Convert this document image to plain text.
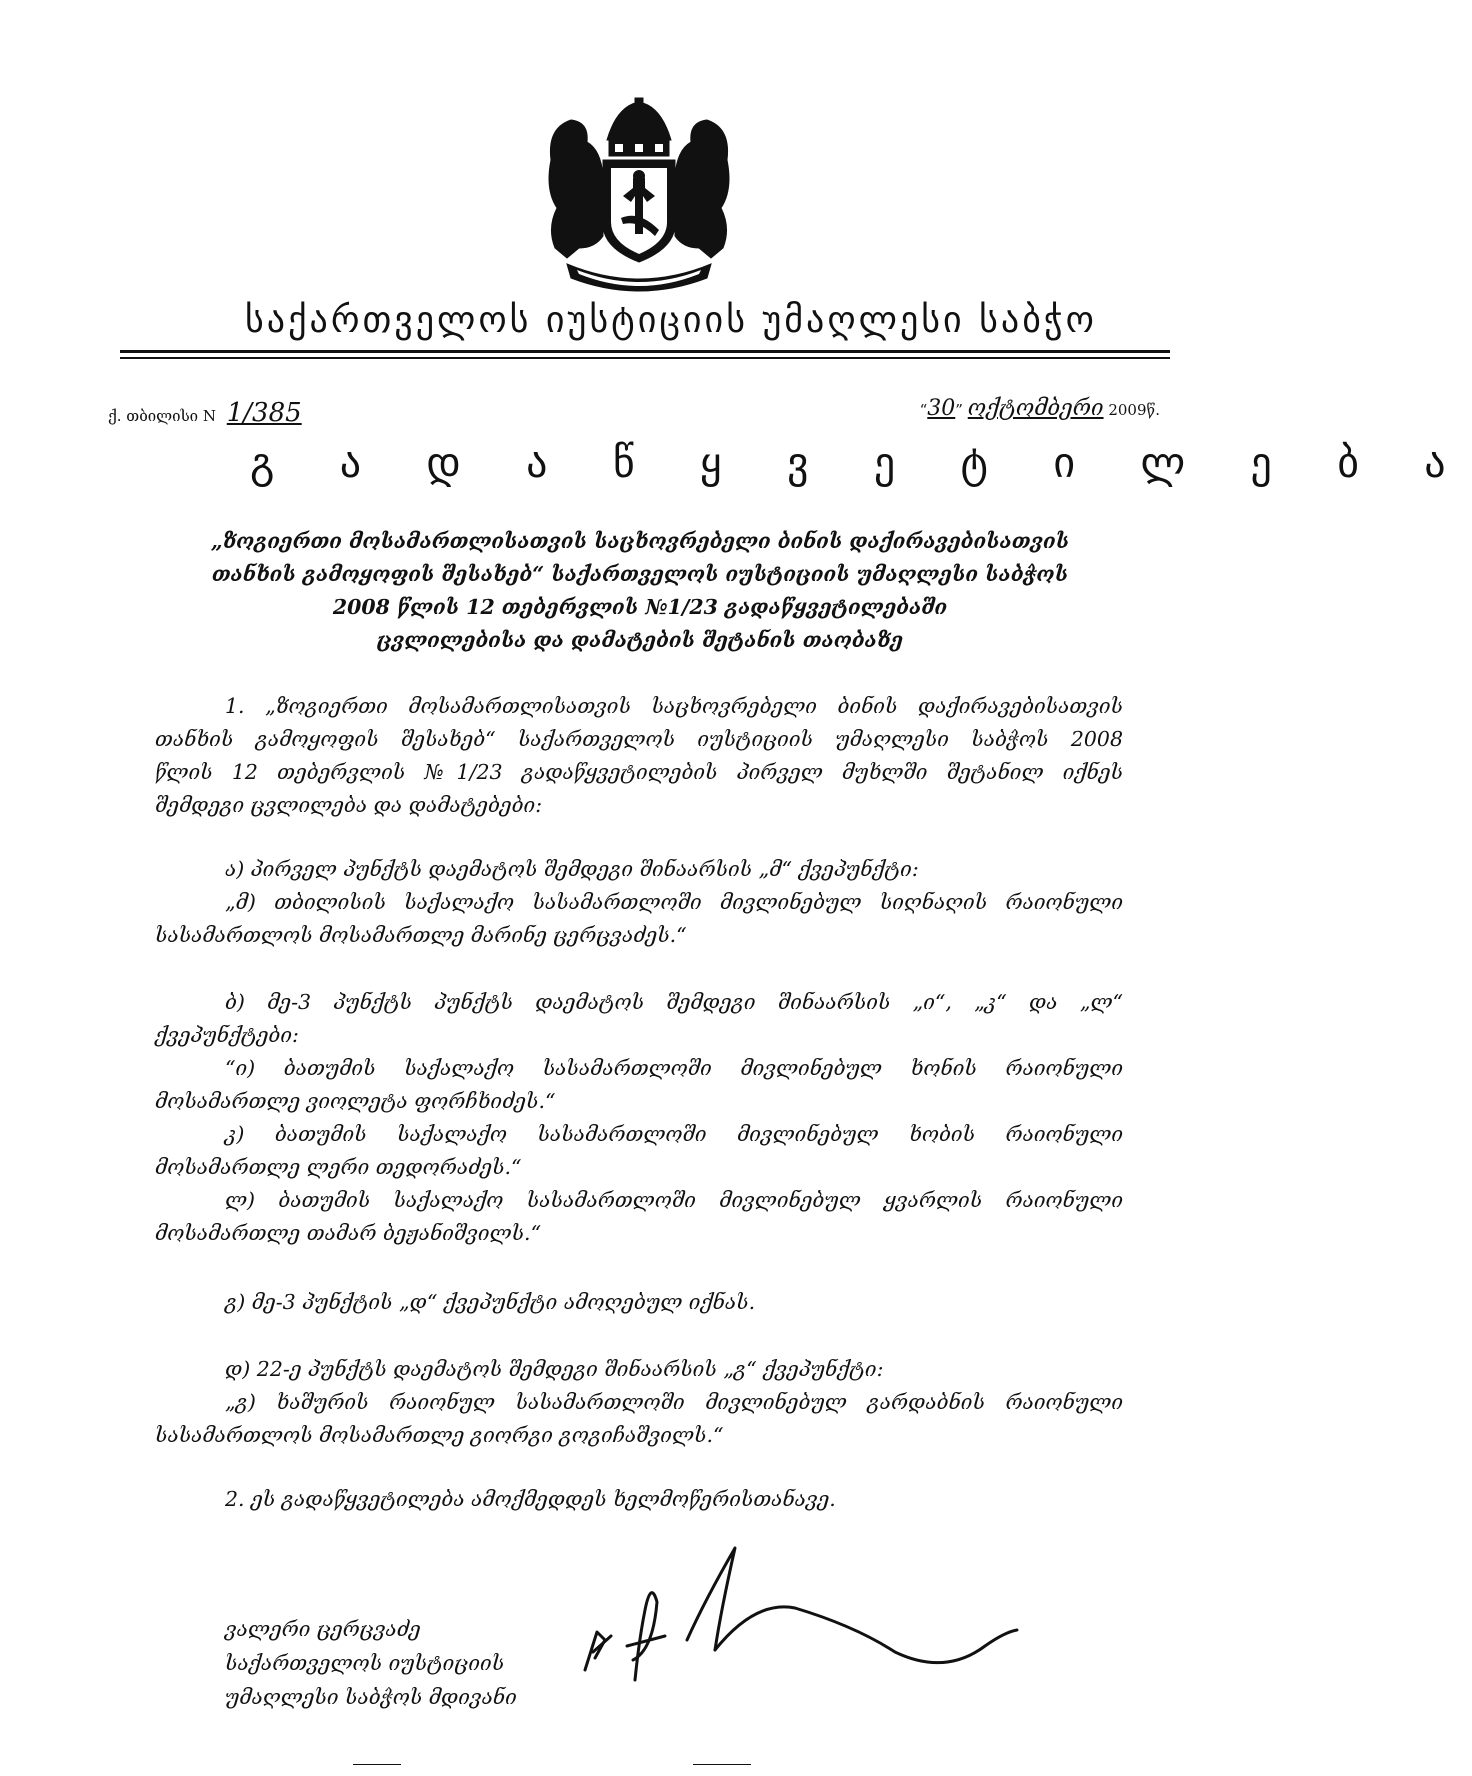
საქართველოს იუსტიციის უმაღლესი საბჭო
ქ. თბილისი N 1/385	“30” ოქტომბერი 2009წ.
გ ა დ ა წ ყ ვ ე ტ ი ლ ე ბ ა
„ზოგიერთი მოსამართლისათვის საცხოვრებელი ბინის დაქირავებისათვის
თანხის გამოყოფის შესახებ“ საქართველოს იუსტიციის უმაღლესი საბჭოს
2008 წლის 12 თებერვლის №1/23 გადაწყვეტილებაში
ცვლილებისა და დამატების შეტანის თაობაზე
1. „ზოგიერთი მოსამართლისათვის საცხოვრებელი ბინის დაქირავებისათვის
თანხის გამოყოფის შესახებ“ საქართველოს იუსტიციის უმაღლესი საბჭოს 2008
წლის 12 თებერვლის №1/23 გადაწყვეტილების პირველ მუხლში შეტანილ იქნეს
შემდეგი ცვლილება და დამატებები:
ა) პირველ პუნქტს დაემატოს შემდეგი შინაარსის „მ“ ქვეპუნქტი:
„მ) თბილისის საქალაქო სასამართლოში მივლინებულ სიღნაღის რაიონული
სასამართლოს მოსამართლე მარინე ცერცვაძეს.“
ბ) მე-3 პუნქტს პუნქტს დაემატოს შემდეგი შინაარსის „ი“, „კ“ და „ლ“
ქვეპუნქტები:
“ი) ბათუმის საქალაქო სასამართლოში მივლინებულ ხონის რაიონული
მოსამართლე ვიოლეტა ფორჩხიძეს.“
კ) ბათუმის საქალაქო სასამართლოში მივლინებულ ხობის რაიონული
მოსამართლე ლერი თედორაძეს.“
ლ) ბათუმის საქალაქო სასამართლოში მივლინებულ ყვარლის რაიონული
მოსამართლე თამარ ბეჟანიშვილს.“
გ) მე-3 პუნქტის „დ“ ქვეპუნქტი ამოღებულ იქნას.
დ) 22-ე პუნქტს დაემატოს შემდეგი შინაარსის „გ“ ქვეპუნქტი:
„გ) ხაშურის რაიონულ სასამართლოში მივლინებულ გარდაბნის რაიონული
სასამართლოს მოსამართლე გიორგი გოგიჩაშვილს.“
2. ეს გადაწყვეტილება ამოქმედდეს ხელმოწერისთანავე.
ვალერი ცერცვაძე
საქართველოს იუსტიციის
უმაღლესი საბჭოს მდივანი
